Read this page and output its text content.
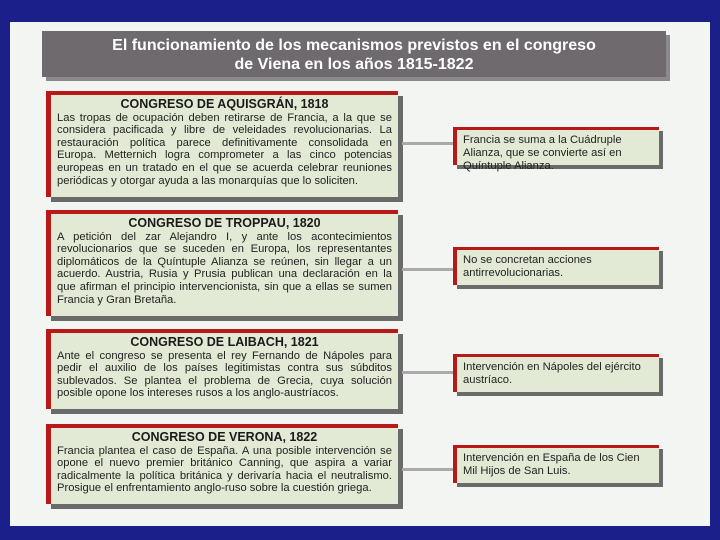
El funcionamiento de los mecanismos previstos en el congreso
de Viena en los años 1815-1822
CONGRESO DE AQUISGRÁN, 1818
Las tropas de ocupación deben retirarse de Francia, a la que se considera pacificada y libre de veleidades revolucionarias. La restauración política parece definitivamente consolidada en Europa. Metternich logra comprometer a las cinco potencias europeas en un tratado en el que se acuerda celebrar reuniones periódicas y otorgar ayuda a las monarquías que lo soliciten.
Francia se suma a la Cuádruple Alianza, que se convierte así en Quíntuple Alianza.
CONGRESO DE TROPPAU, 1820
A petición del zar Alejandro I, y ante los acontecimientos revolucionarios que se suceden en Europa, los representantes diplomáticos de la Quíntuple Alianza se reúnen, sin llegar a un acuerdo. Austria, Rusia y Prusia publican una declaración en la que afirman el principio intervencionista, sin que a ellas se sumen Francia y Gran Bretaña.
No se concretan acciones antirrevolucionarias.
CONGRESO DE LAIBACH, 1821
Ante el congreso se presenta el rey Fernando de Nápoles para pedir el auxilio de los países legitimistas contra sus súbditos sublevados. Se plantea el problema de Grecia, cuya solución posible opone los intereses rusos a los anglo-austríacos.
Intervención en Nápoles del ejército austríaco.
CONGRESO DE VERONA, 1822
Francia plantea el caso de España. A una posible intervención se opone el nuevo premier británico Canning, que aspira a variar radicalmente la política británica y derivaría hacia el neutralismo. Prosigue el enfrentamiento anglo-ruso sobre la cuestión griega.
Intervención en España de los Cien Mil Hijos de San Luis.
